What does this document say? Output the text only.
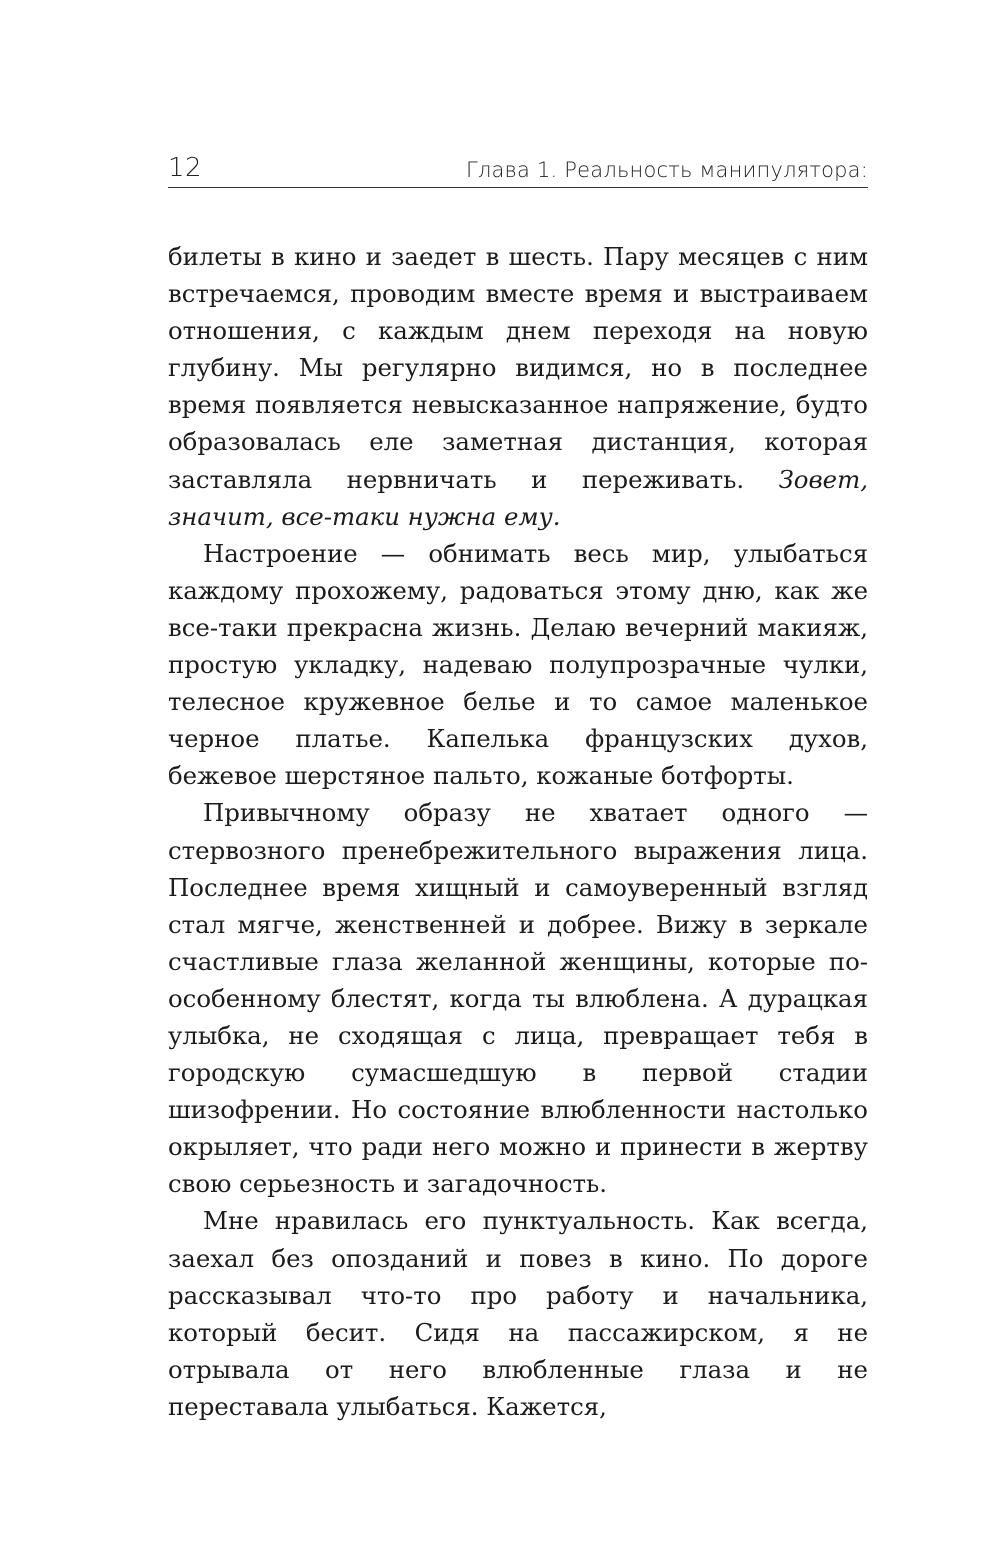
12	Глава 1. Реальность манипулятора:

билеты в кино и заедет в шесть. Пару месяцев с ним встречаемся, проводим вместе время и выстраиваем отношения, с каждым днем переходя на новую глубину. Мы регулярно видимся, но в последнее время появляется невысказанное напряжение, будто образовалась еле заметная дистанция, которая заставляла нервничать и переживать. Зовет, значит, все-таки нужна ему.

Настроение — обнимать весь мир, улыбаться каждому прохожему, радоваться этому дню, как же все-таки прекрасна жизнь. Делаю вечерний макияж, простую укладку, надеваю полупрозрачные чулки, телесное кружевное белье и то самое маленькое черное платье. Капелька французских духов, бежевое шерстяное пальто, кожаные ботфорты.

Привычному образу не хватает одного — стервозного пренебрежительного выражения лица. Последнее время хищный и самоуверенный взгляд стал мягче, женственней и добрее. Вижу в зеркале счастливые глаза желанной женщины, которые по-особенному блестят, когда ты влюблена. А дурацкая улыбка, не сходящая с лица, превращает тебя в городскую сумасшедшую в первой стадии шизофрении. Но состояние влюбленности настолько окрыляет, что ради него можно и принести в жертву свою серьезность и загадочность.

Мне нравилась его пунктуальность. Как всегда, заехал без опозданий и повез в кино. По дороге рассказывал что-то про работу и начальника, который бесит. Сидя на пассажирском, я не отрывала от него влюбленные глаза и не переставала улыбаться. Кажется,
